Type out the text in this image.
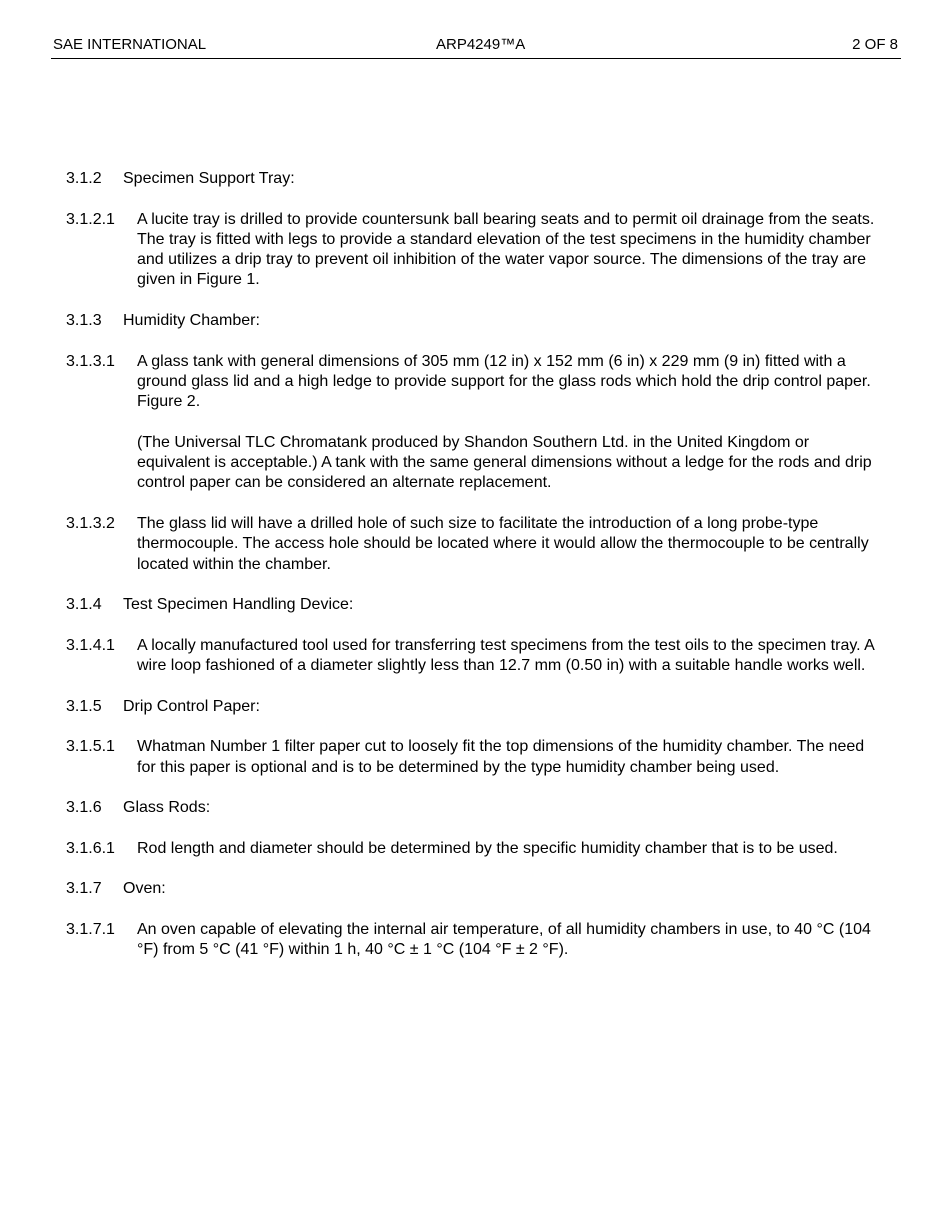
SAE INTERNATIONAL	ARP4249™A	2 OF 8
3.1.2 Specimen Support Tray:
3.1.2.1 A lucite tray is drilled to provide countersunk ball bearing seats and to permit oil drainage from the seats. The tray is fitted with legs to provide a standard elevation of the test specimens in the humidity chamber and utilizes a drip tray to prevent oil inhibition of the water vapor source. The dimensions of the tray are given in Figure 1.
3.1.3 Humidity Chamber:
3.1.3.1 A glass tank with general dimensions of 305 mm (12 in) x 152 mm (6 in) x 229 mm (9 in) fitted with a ground glass lid and a high ledge to provide support for the glass rods which hold the drip control paper. Figure 2.
(The Universal TLC Chromatank produced by Shandon Southern Ltd. in the United Kingdom or equivalent is acceptable.) A tank with the same general dimensions without a ledge for the rods and drip control paper can be considered an alternate replacement.
3.1.3.2 The glass lid will have a drilled hole of such size to facilitate the introduction of a long probe-type thermocouple. The access hole should be located where it would allow the thermocouple to be centrally located within the chamber.
3.1.4 Test Specimen Handling Device:
3.1.4.1 A locally manufactured tool used for transferring test specimens from the test oils to the specimen tray. A wire loop fashioned of a diameter slightly less than 12.7 mm (0.50 in) with a suitable handle works well.
3.1.5 Drip Control Paper:
3.1.5.1 Whatman Number 1 filter paper cut to loosely fit the top dimensions of the humidity chamber. The need for this paper is optional and is to be determined by the type humidity chamber being used.
3.1.6 Glass Rods:
3.1.6.1 Rod length and diameter should be determined by the specific humidity chamber that is to be used.
3.1.7 Oven:
3.1.7.1 An oven capable of elevating the internal air temperature, of all humidity chambers in use, to 40 °C (104 °F) from 5 °C (41 °F) within 1 h, 40 °C ± 1 °C (104 °F ± 2 °F).
